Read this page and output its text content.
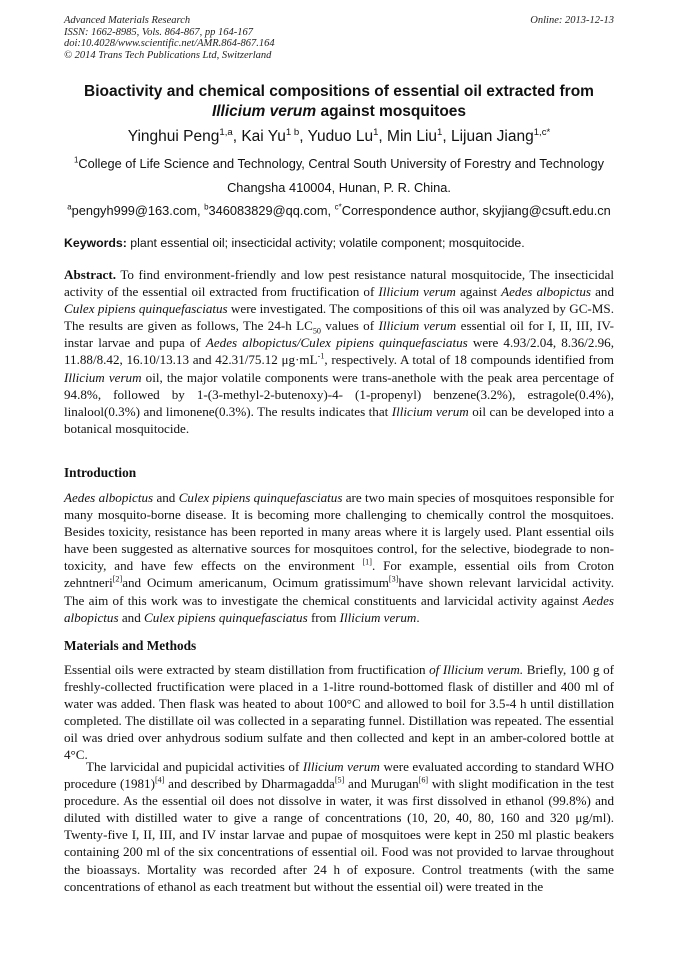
Advanced Materials Research
ISSN: 1662-8985, Vols. 864-867, pp 164-167
doi:10.4028/www.scientific.net/AMR.864-867.164
© 2014 Trans Tech Publications Ltd, Switzerland
Online: 2013-12-13
Bioactivity and chemical compositions of essential oil extracted from
Illicium verum against mosquitoes
Yinghui Peng$^{1,a}$, Kai $Yu^{1 b}$, Yuduo Lu$^1$, Min Liu$^1$, Lijuan Jiang$^{1,c*}$
$^1$College of Life Science and Technology, Central South University of Forestry and Technology
Changsha 410004, Hunan, P. R. China.
$^a$pengyh999@163.com, $^b$346083829@qq.com, $^{c*}$Correspondence author, skyjiang@csuft.edu.cn
Keywords: plant essential oil; insecticidal activity; volatile component; mosquitocide.
Abstract. To find environment-friendly and low pest resistance natural mosquitocide, The insecticidal activity of the essential oil extracted from fructification of Illicium verum against Aedes albopictus and Culex pipiens quinquefasciatus were investigated. The compositions of this oil was analyzed by GC-MS. The results are given as follows, The 24-h $LC_{50}$ values of Illicium verum essential oil for I, II, III, IV-instar larvae and pupa of Aedes albopictus/Culex pipiens quinquefasciatus were 4.93/2.04, 8.36/2.96, 11.88/8.42, 16.10/13.13 and 42.31/75.12 $\mu g\cdot mL^{-1}$, respectively. A total of 18 compounds identified from Illicium verum oil, the major volatile components were trans-anethole with the peak area percentage of 94.8%, followed by 1-(3-methyl-2-butenoxy)-4- (1-propenyl) benzene(3.2%), estragole(0.4%), linalool(0.3%) and limonene(0.3%). The results indicates that Illicium verum oil can be developed into a botanical mosquitocide.
Introduction
Aedes albopictus and Culex pipiens quinquefasciatus are two main species of mosquitoes responsible for many mosquito-borne disease. It is becoming more challenging to chemically control the mosquitoes. Besides toxicity, resistance has been reported in many areas where it is largely used. Plant essential oils have been suggested as alternative sources for mosquitoes control, for the selective, biodegrade to non-toxicity, and have few effects on the environment [1]. For example, essential oils from Croton zehntneri[2]and Ocimum americanum, Ocimum gratissimum[3]have shown relevant larvicidal activity. The aim of this work was to investigate the chemical constituents and larvicidal activity against Aedes albopictus and Culex pipiens quinquefasciatus from Illicium verum.
Materials and Methods
Essential oils were extracted by steam distillation from fructification of Illicium verum. Briefly, 100 g of freshly-collected fructification were placed in a 1-litre round-bottomed flask of distiller and 400 ml of water was added. Then flask was heated to about 100°C and allowed to boil for 3.5-4 h until distillation completed. The distillate oil was collected in a separating funnel. Distillation was repeated. The essential oil was dried over anhydrous sodium sulfate and then collected and kept in an amber-colored bottle at 4°C.
The larvicidal and pupicidal activities of Illicium verum were evaluated according to standard WHO procedure (1981)[4] and described by Dharmagadda[5] and Murugan[6] with slight modification in the test procedure. As the essential oil does not dissolve in water, it was first dissolved in ethanol (99.8%) and diluted with distilled water to give a range of concentrations (10, 20, 40, 80, 160 and 320 μg/ml). Twenty-five I, II, III, and IV instar larvae and pupae of mosquitoes were kept in 250 ml plastic beakers containing 200 ml of the six concentrations of essential oil. Food was not provided to larvae throughout the bioassays. Mortality was recorded after 24 h of exposure. Control treatments (with the same concentrations of ethanol as each treatment but without the essential oil) were treated in the
